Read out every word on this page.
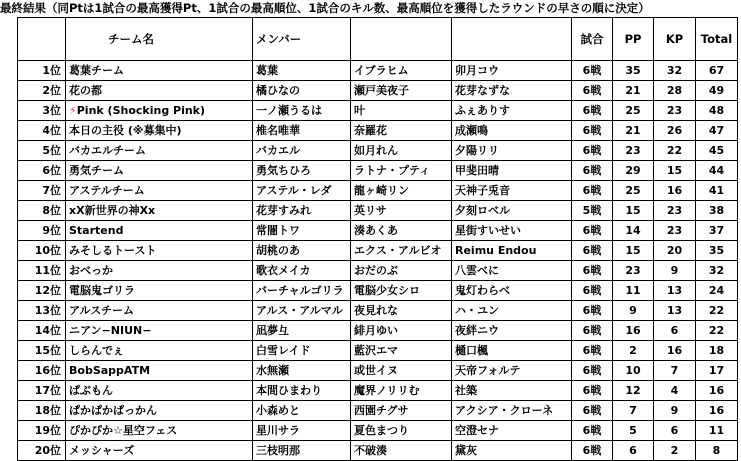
最終結果（同Ptは1試合の最高獲得Pt、1試合の最高順位、1試合のキル数、最高順位を獲得したラウンドの早さの順に決定）
	チーム名	メンバー			試合	PP	KP	Total
1位	葛葉チーム	葛葉	イブラヒム	卯月コウ	6戦	35	32	67
2位	花の都	橘ひなの	瀬戸美夜子	花芽なずな	6戦	21	28	49
3位	⚡Pink (Shocking Pink)	一ノ瀬うるは	叶	ふぇありす	6戦	25	23	48
4位	本日の主役 (※募集中)	椎名唯華	奈羅花	成瀬鳴	6戦	21	26	47
5位	バカエルチーム	バカエル	如月れん	夕陽リリ	6戦	23	22	45
6位	勇気チーム	勇気ちひろ	ラトナ・プティ	甲斐田晴	6戦	29	15	44
7位	アステルチーム	アステル・レダ	龍ヶ崎リン	天神子兎音	6戦	25	16	41
8位	xX新世界の神Xx	花芽すみれ	英リサ	夕刻ロベル	5戦	15	23	38
9位	Startend	常闇トワ	湊あくあ	星街すいせい	6戦	14	23	37
10位	みそしるトースト	胡桃のあ	エクス・アルビオ	Reimu Endou	6戦	15	20	35
11位	おべっか	歌衣メイカ	おだのぶ	八雲べに	6戦	23	9	32
12位	電脳鬼ゴリラ	バーチャルゴリラ	電脳少女シロ	鬼灯わらべ	6戦	11	13	24
13位	アルスチーム	アルス・アルマル	夜見れな	ハ・ユン	6戦	9	13	22
14位	ニアン−NIUN−	凪夢彑	緋月ゆい	夜絆ニウ	6戦	16	6	22
15位	しらんでぇ	白雪レイド	藍沢エマ	樋口楓	6戦	2	16	18
16位	BobSappATM	水無瀬	或世イヌ	天帝フォルテ	6戦	10	7	17
17位	ぱぶもん	本間ひまわり	魔界ノリリむ	社築	6戦	12	4	16
18位	ぱかぱかぱっかん	小森めと	西園チグサ	アクシア・クローネ	6戦	7	9	16
19位	ぴかぴか☆星空フェス	星川サラ	夏色まつり	空澄セナ	6戦	5	6	11
20位	メッシャーズ	三枝明那	不破湊	黛灰	6戦	6	2	8
